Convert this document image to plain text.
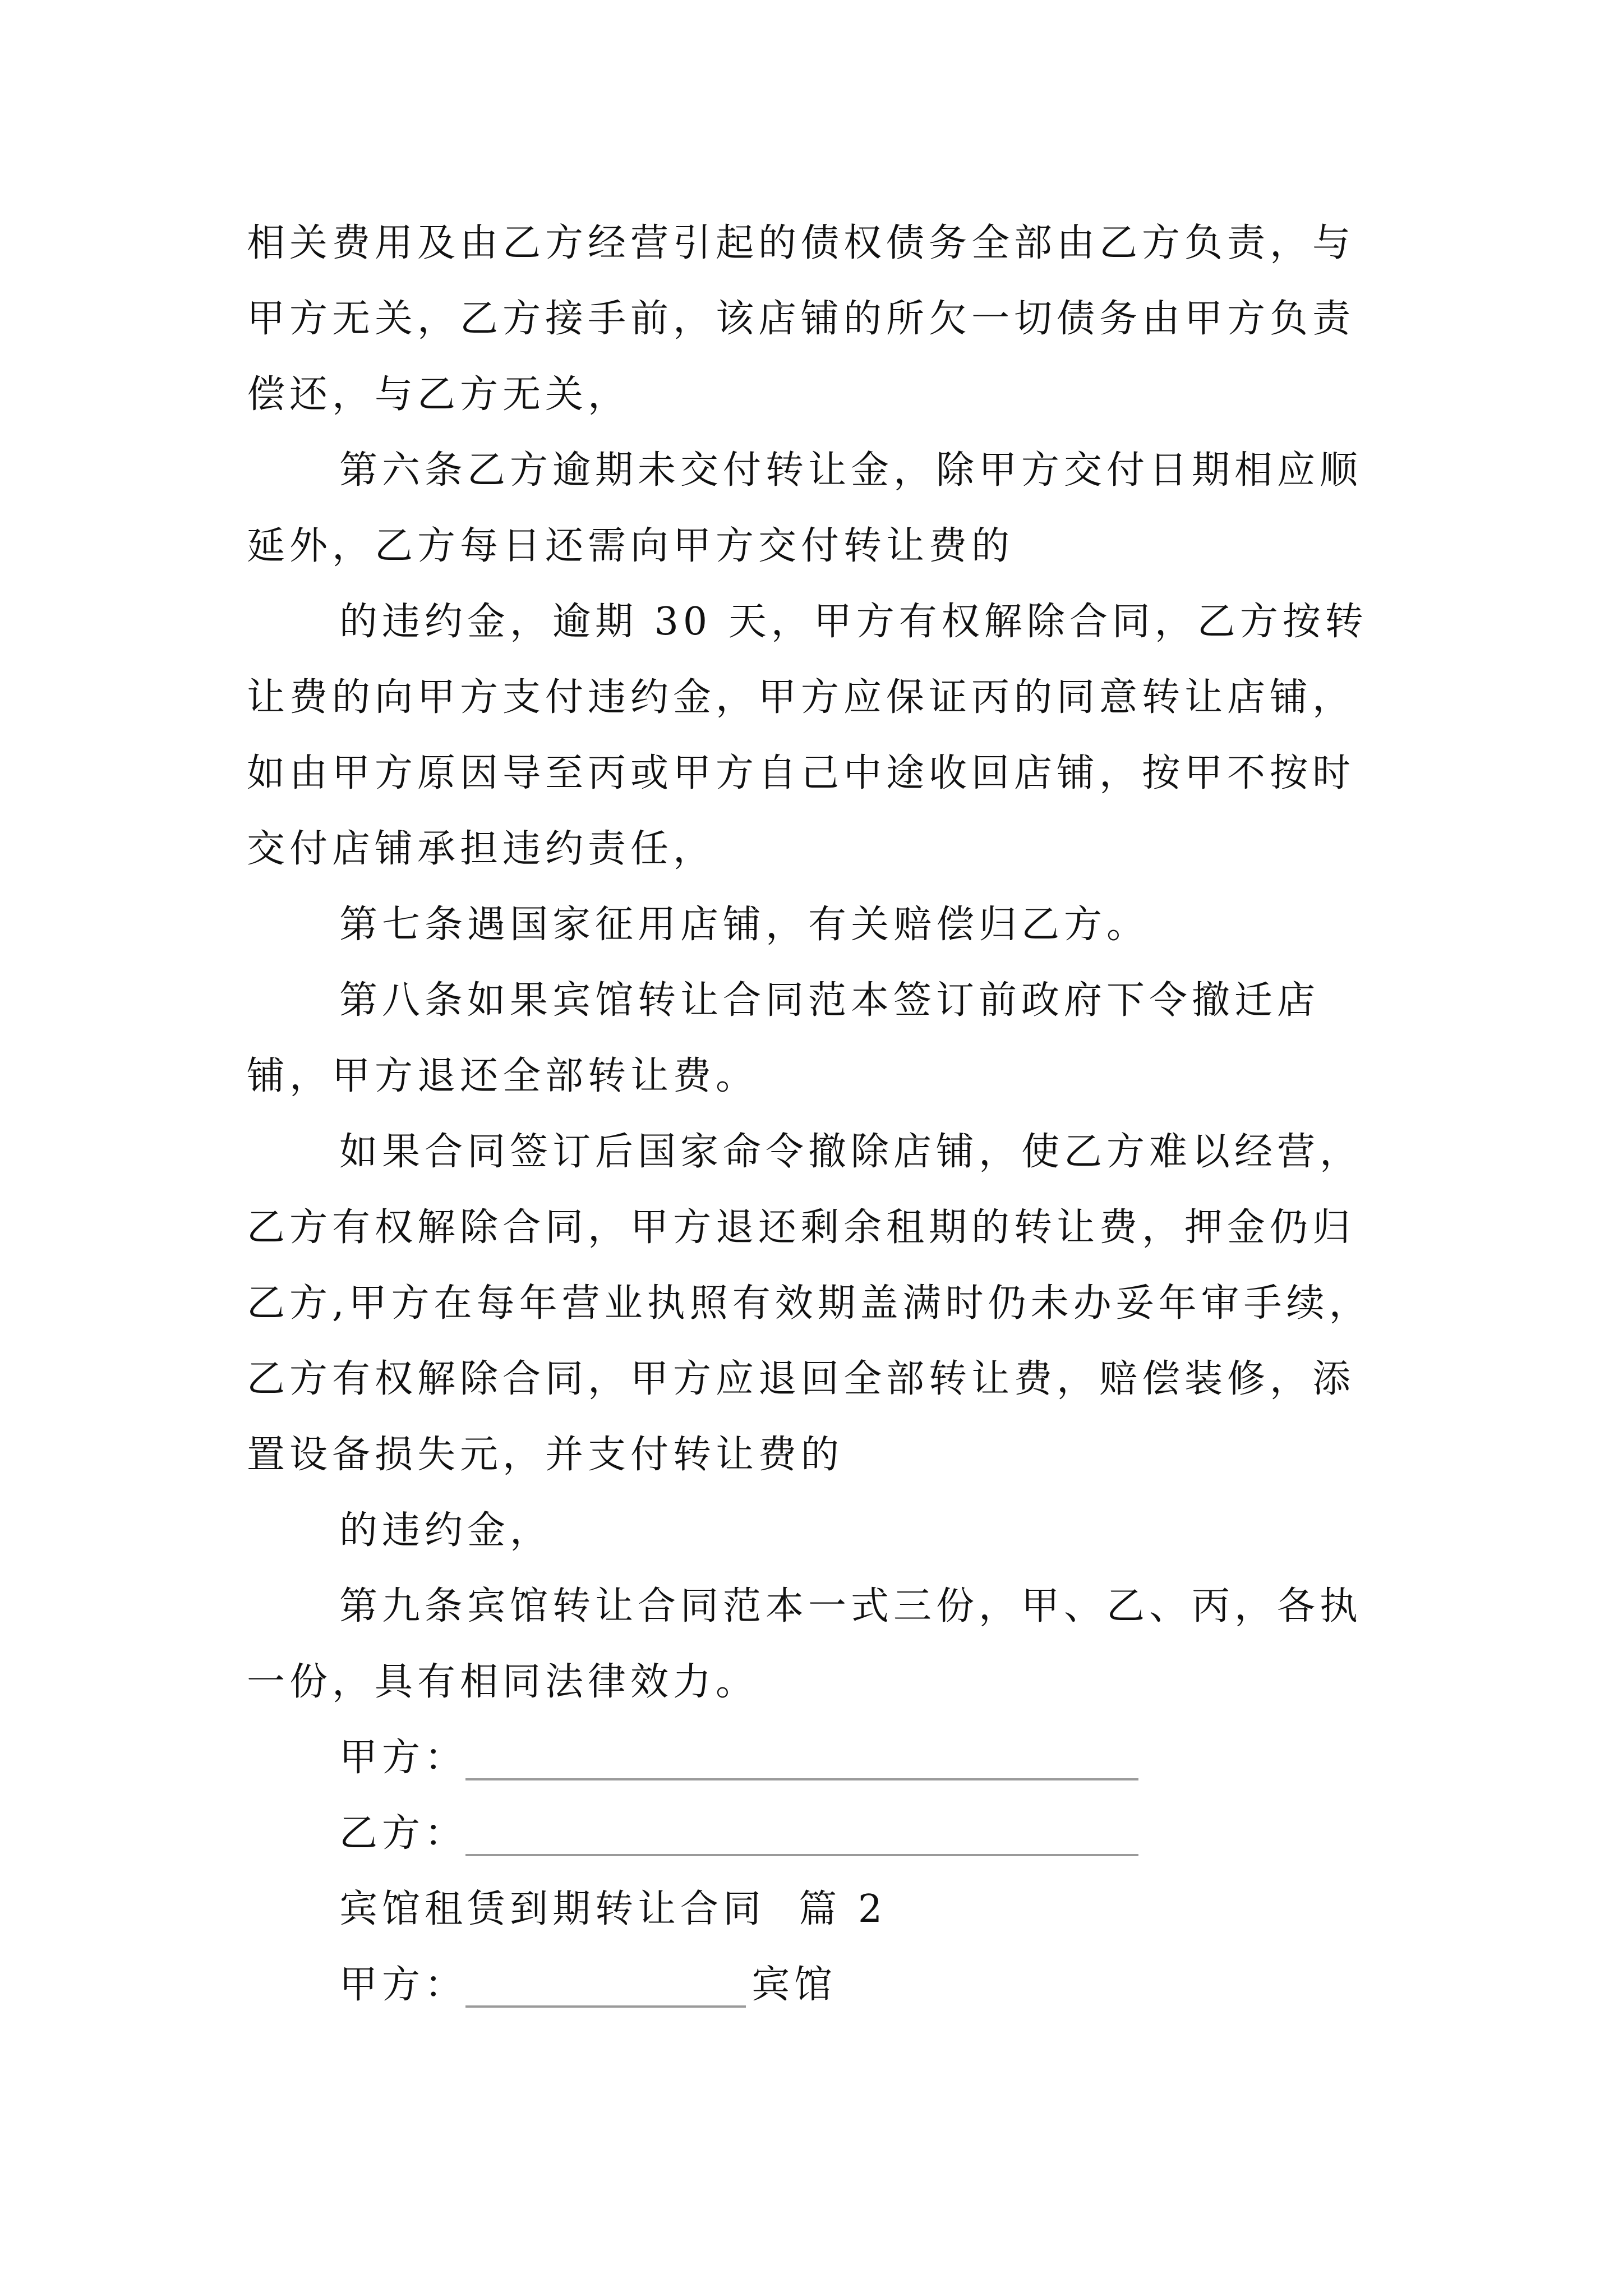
相关费用及由乙方经营引起的债权债务全部由乙方负责，与
甲方无关，乙方接手前，该店铺的所欠一切债务由甲方负责
偿还，与乙方无关，
第六条乙方逾期未交付转让金，除甲方交付日期相应顺
延外，乙方每日还需向甲方交付转让费的
的违约金，逾期 30 天，甲方有权解除合同，乙方按转
让费的向甲方支付违约金，甲方应保证丙的同意转让店铺，
如由甲方原因导至丙或甲方自己中途收回店铺，按甲不按时
交付店铺承担违约责任，
第七条遇国家征用店铺，有关赔偿归乙方。
第八条如果宾馆转让合同范本签订前政府下令撤迁店
铺，甲方退还全部转让费。
如果合同签订后国家命令撤除店铺，使乙方难以经营，
乙方有权解除合同，甲方退还剩余租期的转让费，押金仍归
乙方,甲方在每年营业执照有效期盖满时仍未办妥年审手续，
乙方有权解除合同，甲方应退回全部转让费，赔偿装修，添
置设备损失元，并支付转让费的
的违约金，
第九条宾馆转让合同范本一式三份，甲、乙、丙，各执
一份，具有相同法律效力。
甲方：
乙方：
宾馆租赁到期转让合同  篇 2
甲方：	宾馆
